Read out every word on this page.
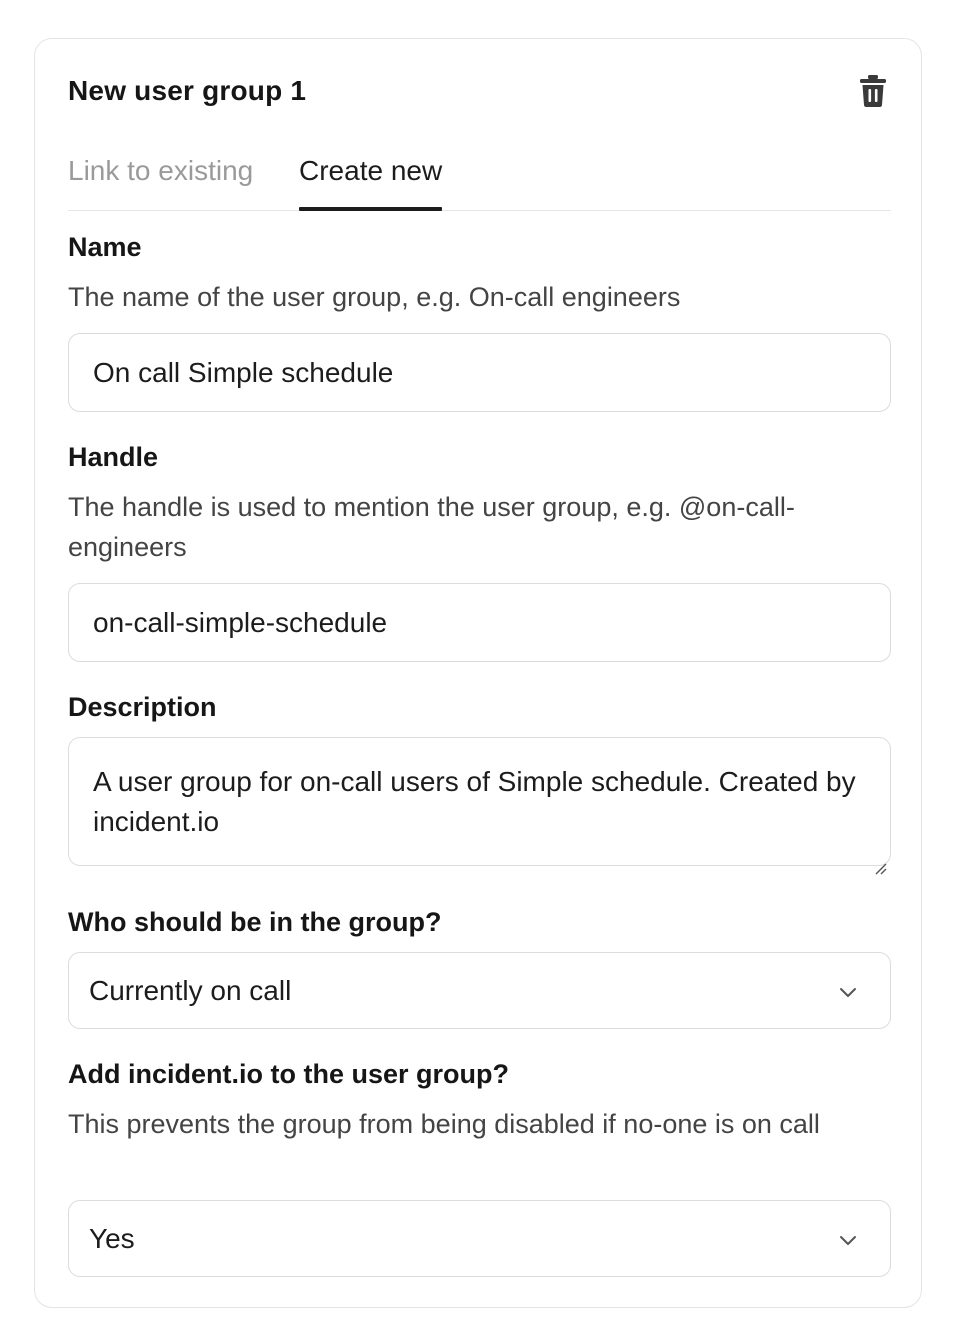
New user group 1
Link to existing Create new
Name
The name of the user group, e.g. On-call engineers
On call Simple schedule
Handle
The handle is used to mention the user group, e.g. @on-call-engineers
on-call-simple-schedule
Description
A user group for on-call users of Simple schedule. Created by incident.io
Who should be in the group?
Currently on call
Add incident.io to the user group?
This prevents the group from being disabled if no-one is on call
Yes
